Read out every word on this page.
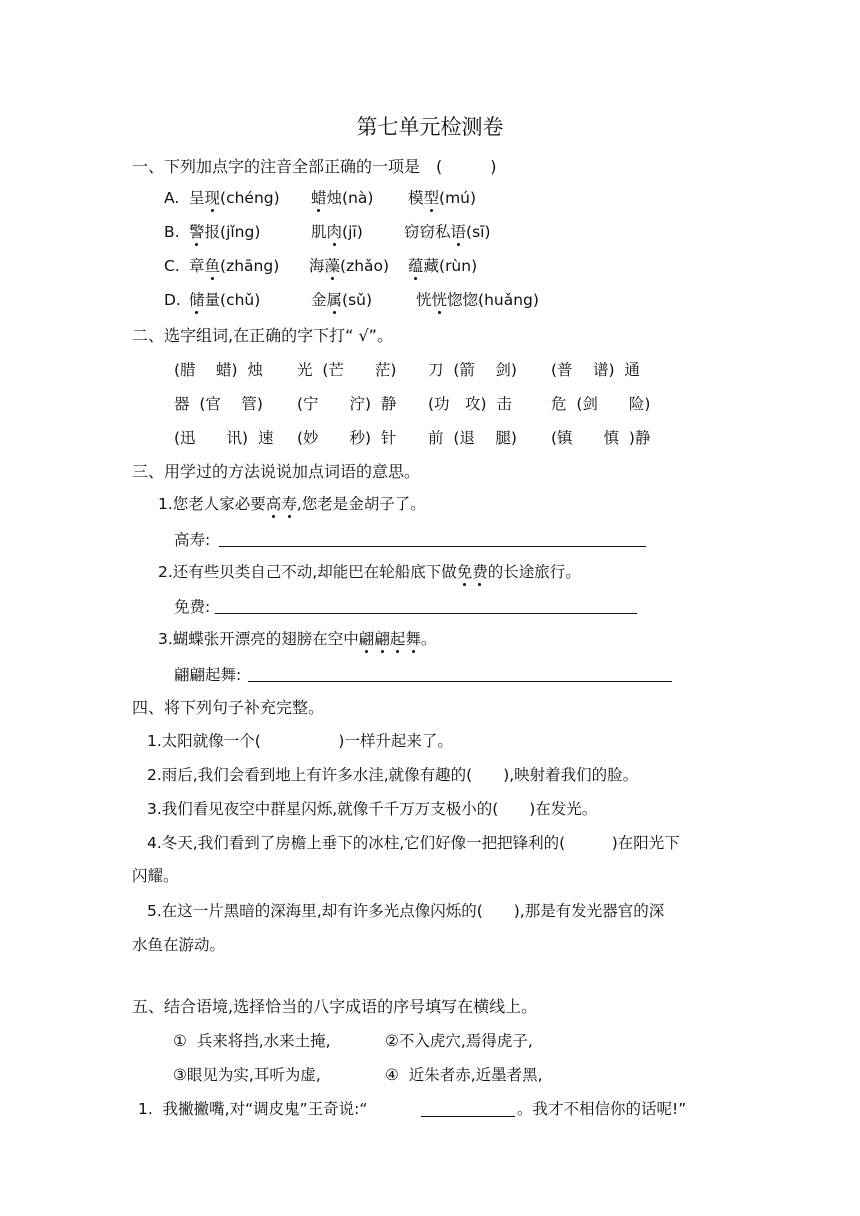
第七单元检测卷
一、下列加点字的注音全部正确的一项是　(　　　)
A. 呈现(chéng) 蜡烛(nà) 模型(mú)
B. 警报(jǐng)	肌肉(jī)	窃窃私语(sī)
C. 章鱼(zhāng) 海藻(zhǎo) 蕴藏(rùn)
D. 储量(chǔ)	金属(sǔ)	恍恍惚惚(huǎng)
二、选字组词,在正确的字下打“ √”。
(腊　 蜡)  烛 光  (芒　　茫) 刀  (箭　 剑) (普　 谱)  通
器  (官　 管) (宁　　泞)  静 (功　攻)  击	危  (剑　　险)
(迅　　讯)  速 (妙　　秒)  针 前  (退　 腿) (镇　　慎  )静
三、用学过的方法说说加点词语的意思。
1.您老人家必要高寿,您老是金胡子了。
高寿:
2.还有些贝类自己不动,却能巴在轮船底下做免费的长途旅行。
免费:
3.蝴蝶张开漂亮的翅膀在空中翩翩起舞。
翩翩起舞:
四、将下列句子补充完整。
1.太阳就像一个(　　　　　)一样升起来了。
2.雨后,我们会看到地上有许多水洼,就像有趣的(　　),映射着我们的脸。
3.我们看见夜空中群星闪烁,就像千千万万支极小的(　　)在发光。
4.冬天,我们看到了房檐上垂下的冰柱,它们好像一把把锋利的(　　　)在阳光下
闪耀。
5.在这一片黑暗的深海里,却有许多光点像闪烁的(　　),那是有发光器官的深
水鱼在游动。
五、结合语境,选择恰当的八字成语的序号填写在横线上。
①  兵来将挡,水来土掩,	②不入虎穴,焉得虎子,
③眼见为实,耳听为虚,	④  近朱者赤,近墨者黑,
1.  我撇撇嘴,对“调皮鬼”王奇说:“	。我才不相信你的话呢!”
